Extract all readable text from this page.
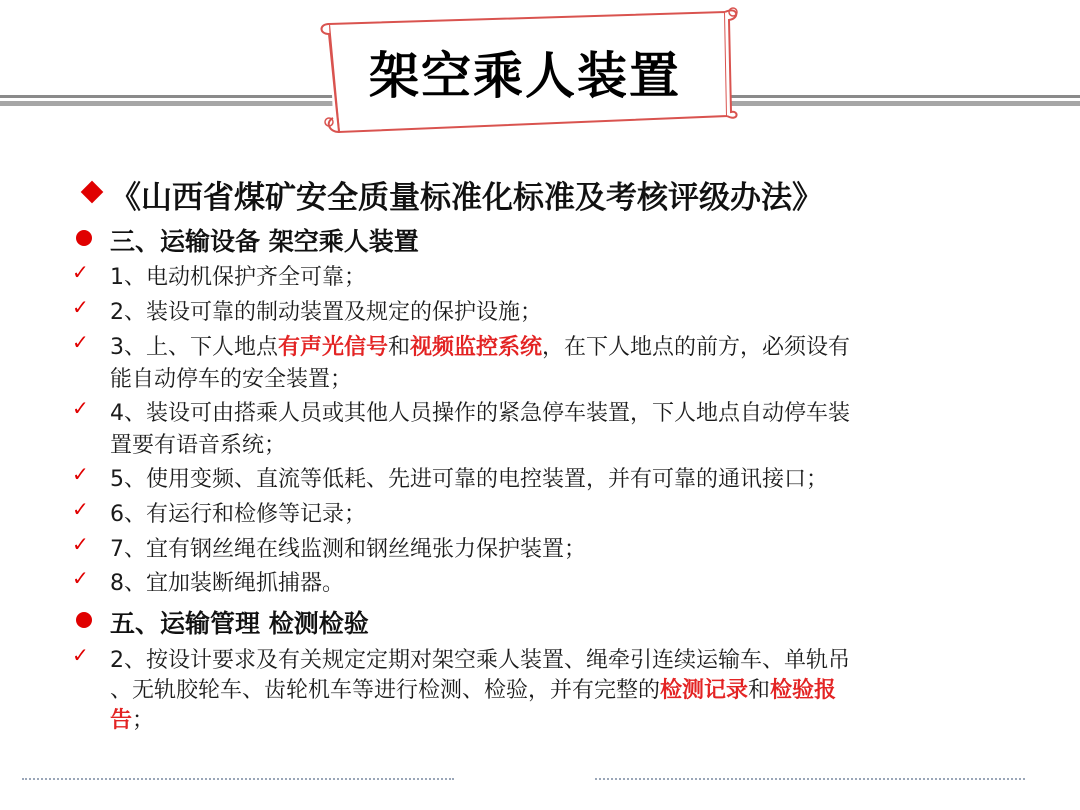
架空乘人装置
《山西省煤矿安全质量标准化标准及考核评级办法》
三、运输设备 架空乘人装置
✓ 1、电动机保护齐全可靠；
✓ 2、装设可靠的制动装置及规定的保护设施；
✓ 3、上、下人地点有声光信号和视频监控系统，在下人地点的前方，必须设有
能自动停车的安全装置；
✓ 4、装设可由搭乘人员或其他人员操作的紧急停车装置，下人地点自动停车装
置要有语音系统；
✓ 5、使用变频、直流等低耗、先进可靠的电控装置，并有可靠的通讯接口；
✓ 6、有运行和检修等记录；
✓ 7、宜有钢丝绳在线监测和钢丝绳张力保护装置；
✓ 8、宜加装断绳抓捕器。
五、运输管理 检测检验
✓ 2、按设计要求及有关规定定期对架空乘人装置、绳牵引连续运输车、单轨吊
、无轨胶轮车、齿轮机车等进行检测、检验，并有完整的检测记录和检验报
告；
